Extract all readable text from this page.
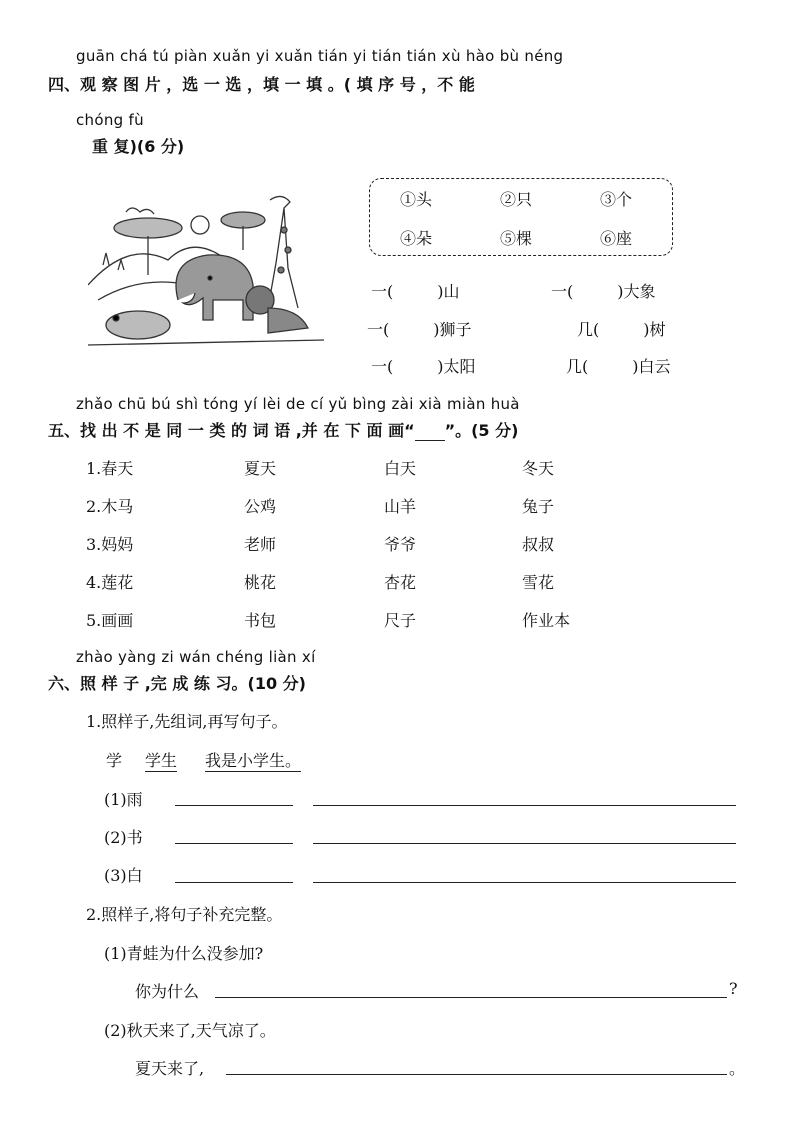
guān chá tú piàn xuǎn yi xuǎn tián yi tián tián xù hào bù néng
四、观 察 图 片 ，选 一 选 ，填 一 填 。( 填 序 号 ，不 能
chóng fù
重 复)(6 分)
①头	②只	③个
④朵	⑤棵	⑥座
一(	)山	一(	)大象
一(	)狮子	几(	)树
一(	)太阳	几(	)白云
zhǎo chū bú shì tóng yí lèi de cí yǔ bìng zài xià miàn huà
五、找 出 不 是 同 一 类 的 词 语 ,并 在 下 面 画“ ”。(5 分)
1.春天	夏天	白天	冬天
2.木马	公鸡	山羊	兔子
3.妈妈	老师	爷爷	叔叔
4.莲花	桃花	杏花	雪花
5.画画	书包	尺子	作业本
zhào yàng zi wán chéng liàn xí
六、照 样 子 ,完 成 练 习。(10 分)
1.照样子,先组词,再写句子。
学 学生 我是小学生。
(1)雨
(2)书
(3)白
2.照样子,将句子补充完整。
(1)青蛙为什么没参加?
你为什么	?
(2)秋天来了,天气凉了。
夏天来了,	。
